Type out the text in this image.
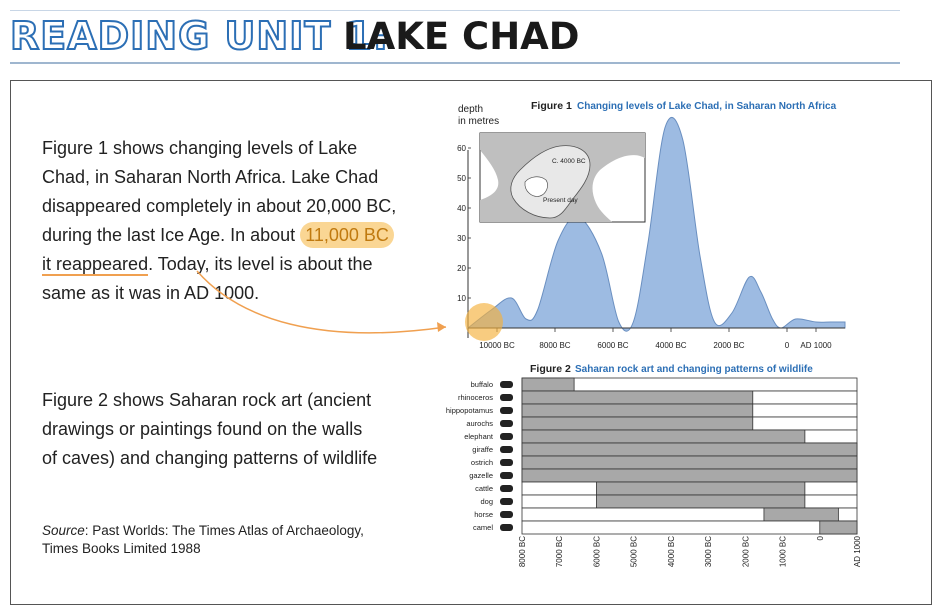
READING UNIT 1:
LAKE CHAD

Figure 1 shows changing levels of Lake Chad, in Saharan North Africa. Lake Chad disappeared completely in about 20,000 BC, during the last Ice Age. In about 11,000 BC it reappeared. Today, its level is about the same as it was in AD 1000.

Figure 2 shows Saharan rock art (ancient drawings or paintings found on the walls of caves) and changing patterns of wildlife

Source: Past Worlds: The Times Atlas of Archaeology, Times Books Limited 1988
depth
in metres
Figure 1 Changing levels of Lake Chad, in Saharan North Africa
10
20
30
40
50
60
10000 BC	8000 BC	6000 BC	4000 BC	2000 BC	0 AD 1000
C. 4000 BC
Present day
Figure 2 Saharan rock art and changing patterns of wildlife
buffalo
rhinoceros
hippopotamus
aurochs
elephant
giraffe
ostrich
gazelle
cattle
dog
horse
camel
8000 BC	7000 BC	6000 BC	5000 BC	4000 BC	3000 BC	2000 BC	1000 BC	0	AD 1000
